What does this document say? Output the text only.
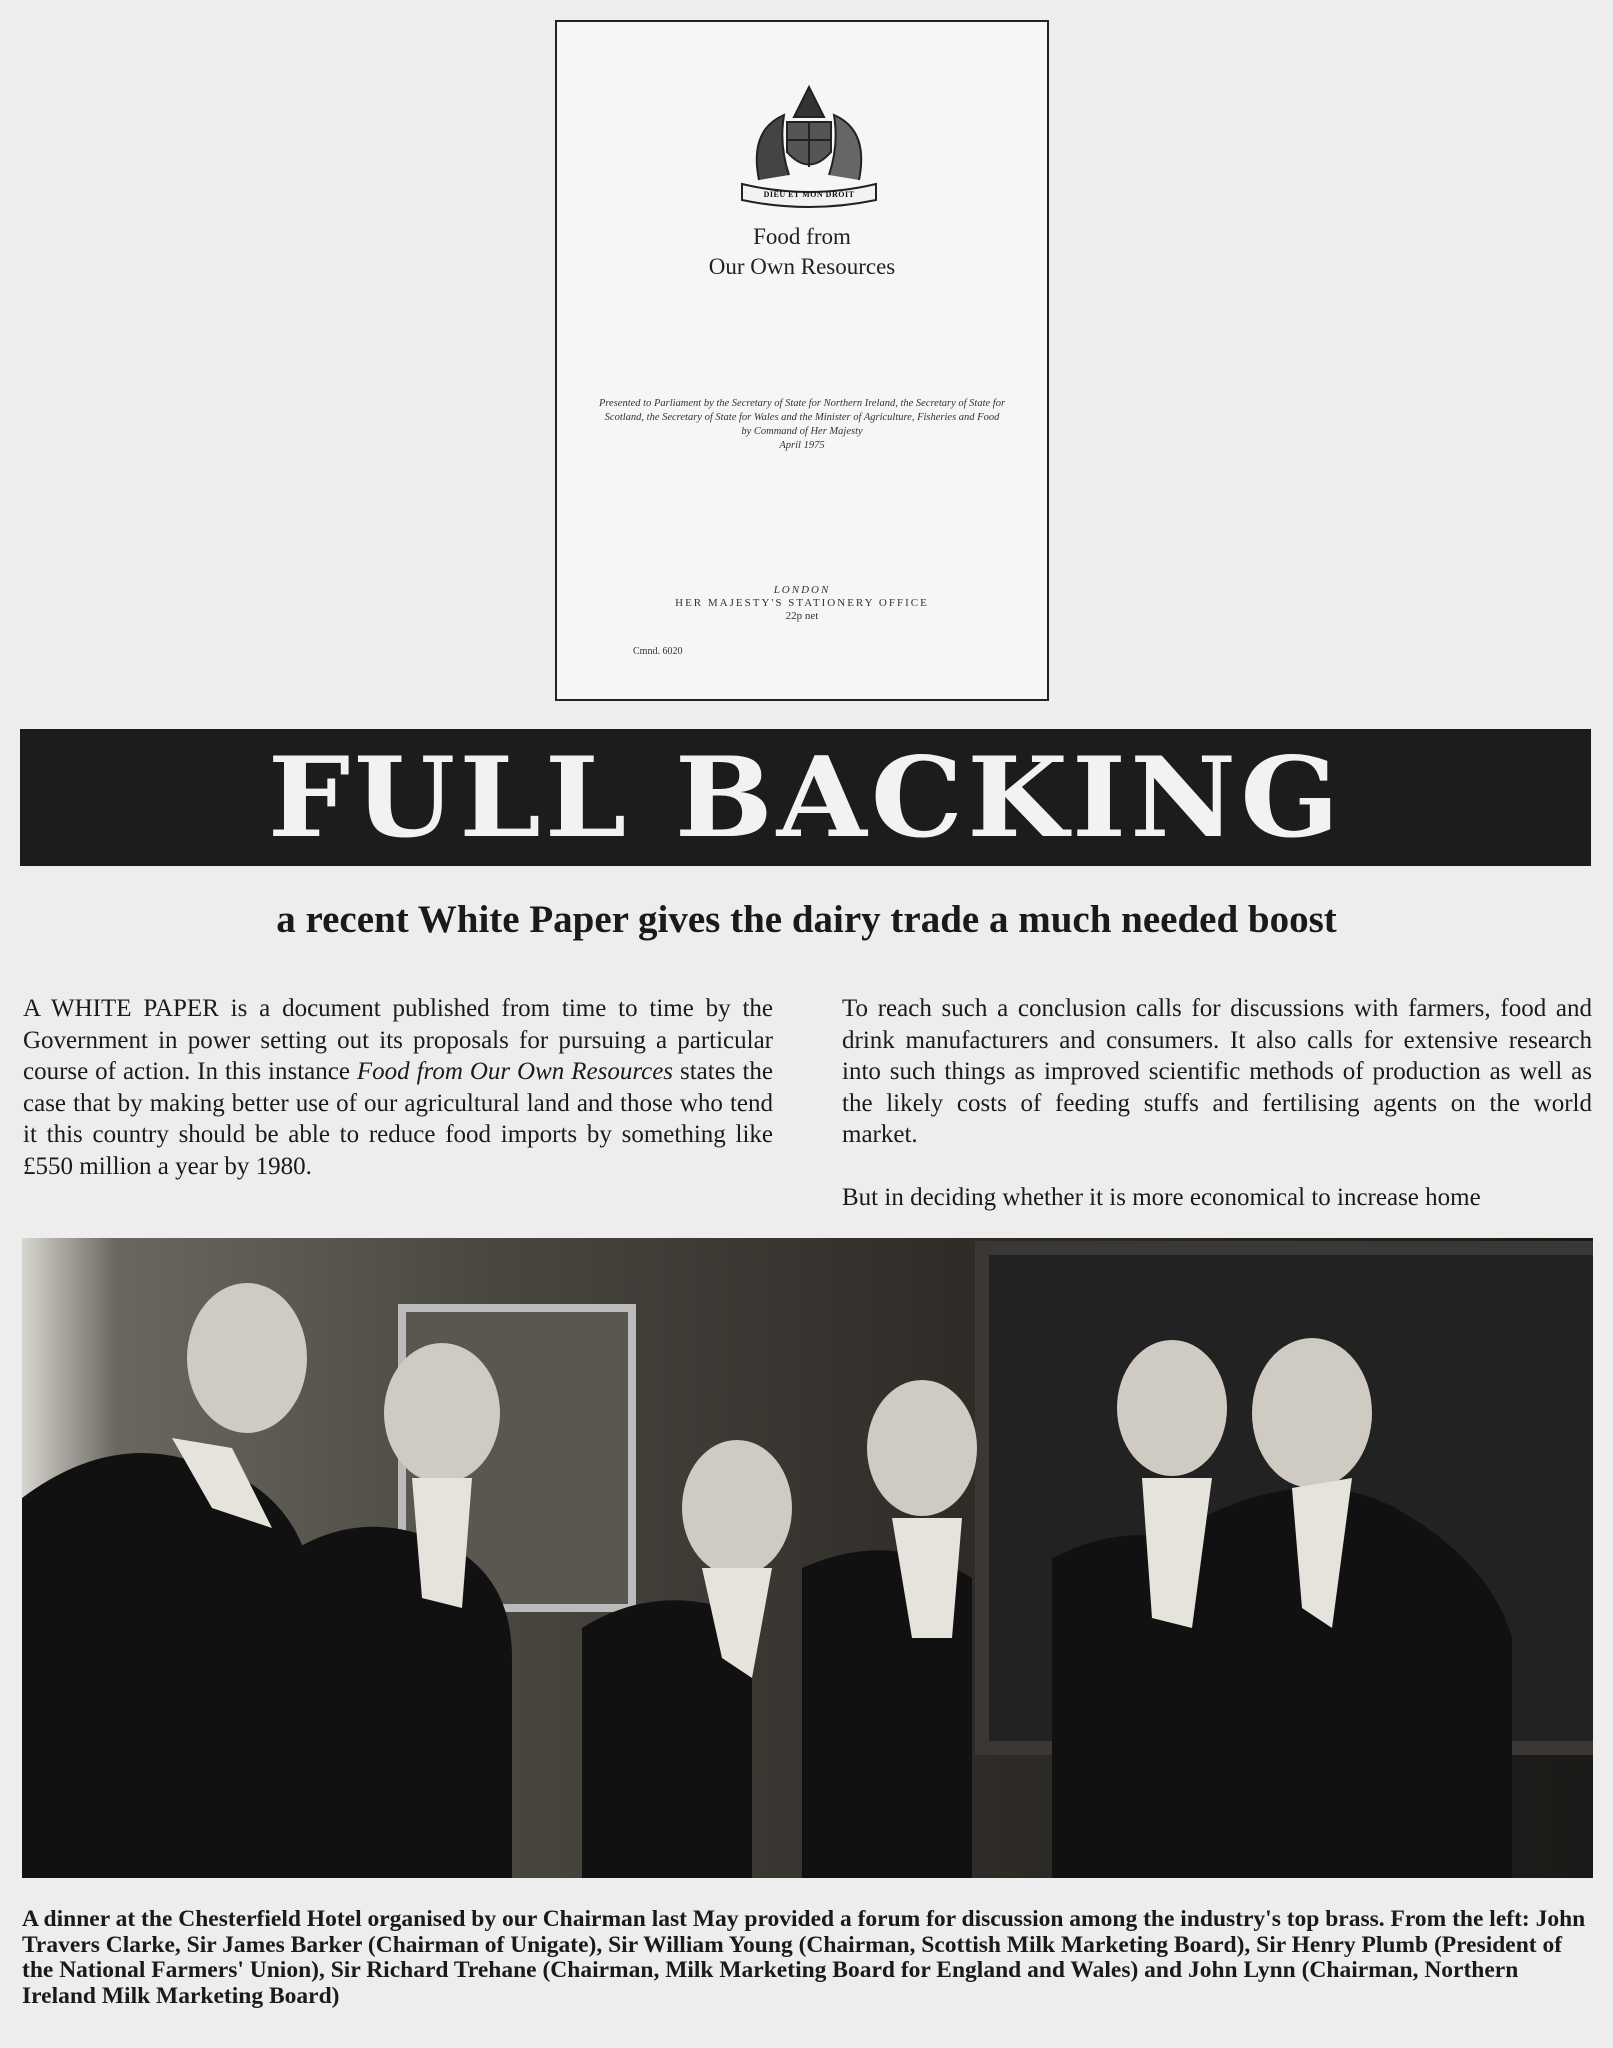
DIEU ET MON DROIT
Food from
Our Own Resources
Presented to Parliament by the Secretary of State for Northern Ireland, the Secretary of State for Scotland, the Secretary of State for Wales and the Minister of Agriculture, Fisheries and Food
by Command of Her Majesty
April 1975
LONDON
HER MAJESTY'S STATIONERY OFFICE
22p net
Cmnd. 6020
FULL BACKING
a recent White Paper gives the dairy trade a much needed boost

A WHITE PAPER is a document published from time to time by the Government in power setting out its proposals for pursuing a particular course of action. In this instance Food from Our Own Resources states the case that by making better use of our agricultural land and those who tend it this country should be able to reduce food imports by something like £550 million a year by 1980.

To reach such a conclusion calls for discussions with farmers, food and drink manufacturers and consumers. It also calls for extensive research into such things as improved scientific methods of production as well as the likely costs of feeding stuffs and fertilising agents on the world market.

But in deciding whether it is more economical to increase home

A dinner at the Chesterfield Hotel organised by our Chairman last May provided a forum for discussion among the industry's top brass. From the left: John Travers Clarke, Sir James Barker (Chairman of Unigate), Sir William Young (Chairman, Scottish Milk Marketing Board), Sir Henry Plumb (President of the National Farmers' Union), Sir Richard Trehane (Chairman, Milk Marketing Board for England and Wales) and John Lynn (Chairman, Northern Ireland Milk Marketing Board)
